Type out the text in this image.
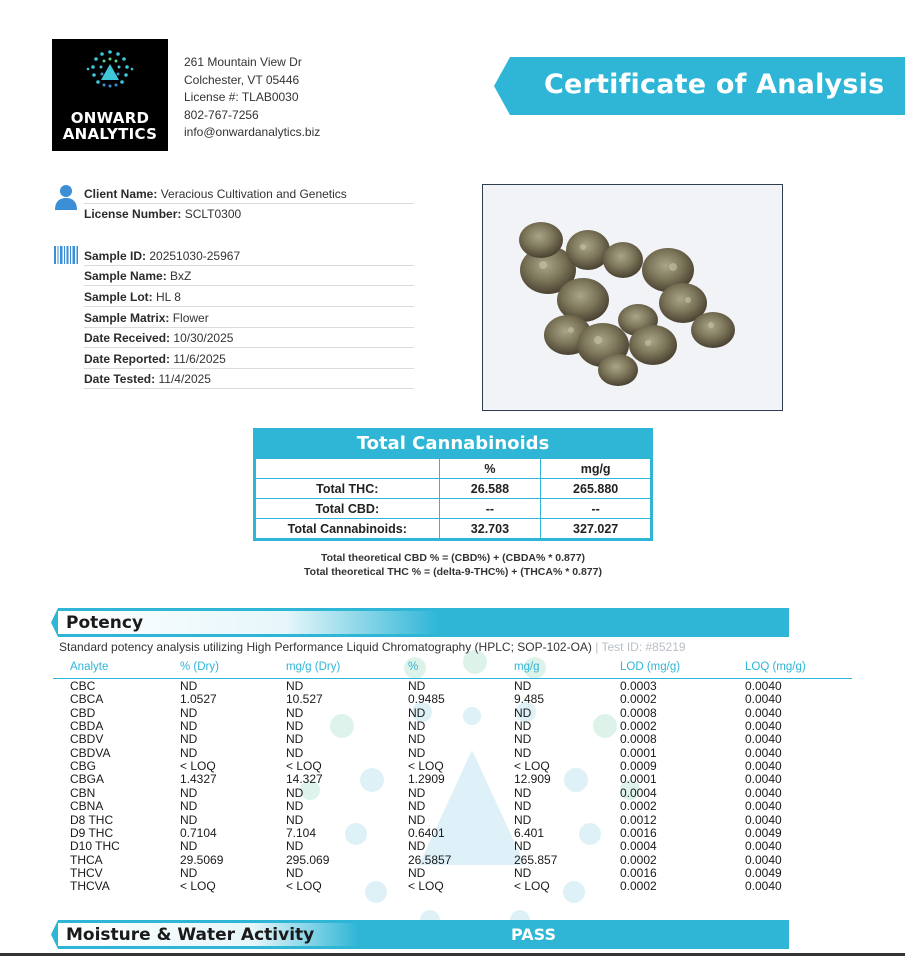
ONWARD
ANALYTICS
261 Mountain View Dr
Colchester, VT 05446
License #: TLAB0030
802-767-7256
info@onwardanalytics.biz
Certificate of Analysis
Client Name: Veracious Cultivation and Genetics
License Number: SCLT0300
Sample ID: 20251030-25967
Sample Name: BxZ
Sample Lot: HL 8
Sample Matrix: Flower
Date Received: 10/30/2025
Date Reported: 11/6/2025
Date Tested: 11/4/2025
Total Cannabinoids
	%	mg/g
Total THC:	26.588	265.880
Total CBD:	--	--
Total Cannabinoids:	32.703	327.027
Total theoretical CBD % = (CBD%) + (CBDA% * 0.877)
Total theoretical THC % = (delta-9-THC%) + (THCA% * 0.877)
Potency
Standard potency analysis utilizing High Performance Liquid Chromatography (HPLC; SOP-102-OA) | Test ID: #85219
Analyte	% (Dry)	mg/g (Dry)	%	mg/g	LOD (mg/g)	LOQ (mg/g)
CBC	ND	ND	ND	ND	0.0003	0.0040
CBCA	1.0527	10.527	0.9485	9.485	0.0002	0.0040
CBD	ND	ND	ND	ND	0.0008	0.0040
CBDA	ND	ND	ND	ND	0.0002	0.0040
CBDV	ND	ND	ND	ND	0.0008	0.0040
CBDVA	ND	ND	ND	ND	0.0001	0.0040
CBG	< LOQ	< LOQ	< LOQ	< LOQ	0.0009	0.0040
CBGA	1.4327	14.327	1.2909	12.909	0.0001	0.0040
CBN	ND	ND	ND	ND	0.0004	0.0040
CBNA	ND	ND	ND	ND	0.0002	0.0040
D8 THC	ND	ND	ND	ND	0.0012	0.0040
D9 THC	0.7104	7.104	0.6401	6.401	0.0016	0.0049
D10 THC	ND	ND	ND	ND	0.0004	0.0040
THCA	29.5069	295.069	26.5857	265.857	0.0002	0.0040
THCV	ND	ND	ND	ND	0.0016	0.0049
THCVA	< LOQ	< LOQ	< LOQ	< LOQ	0.0002	0.0040
Moisture & Water Activity	PASS
